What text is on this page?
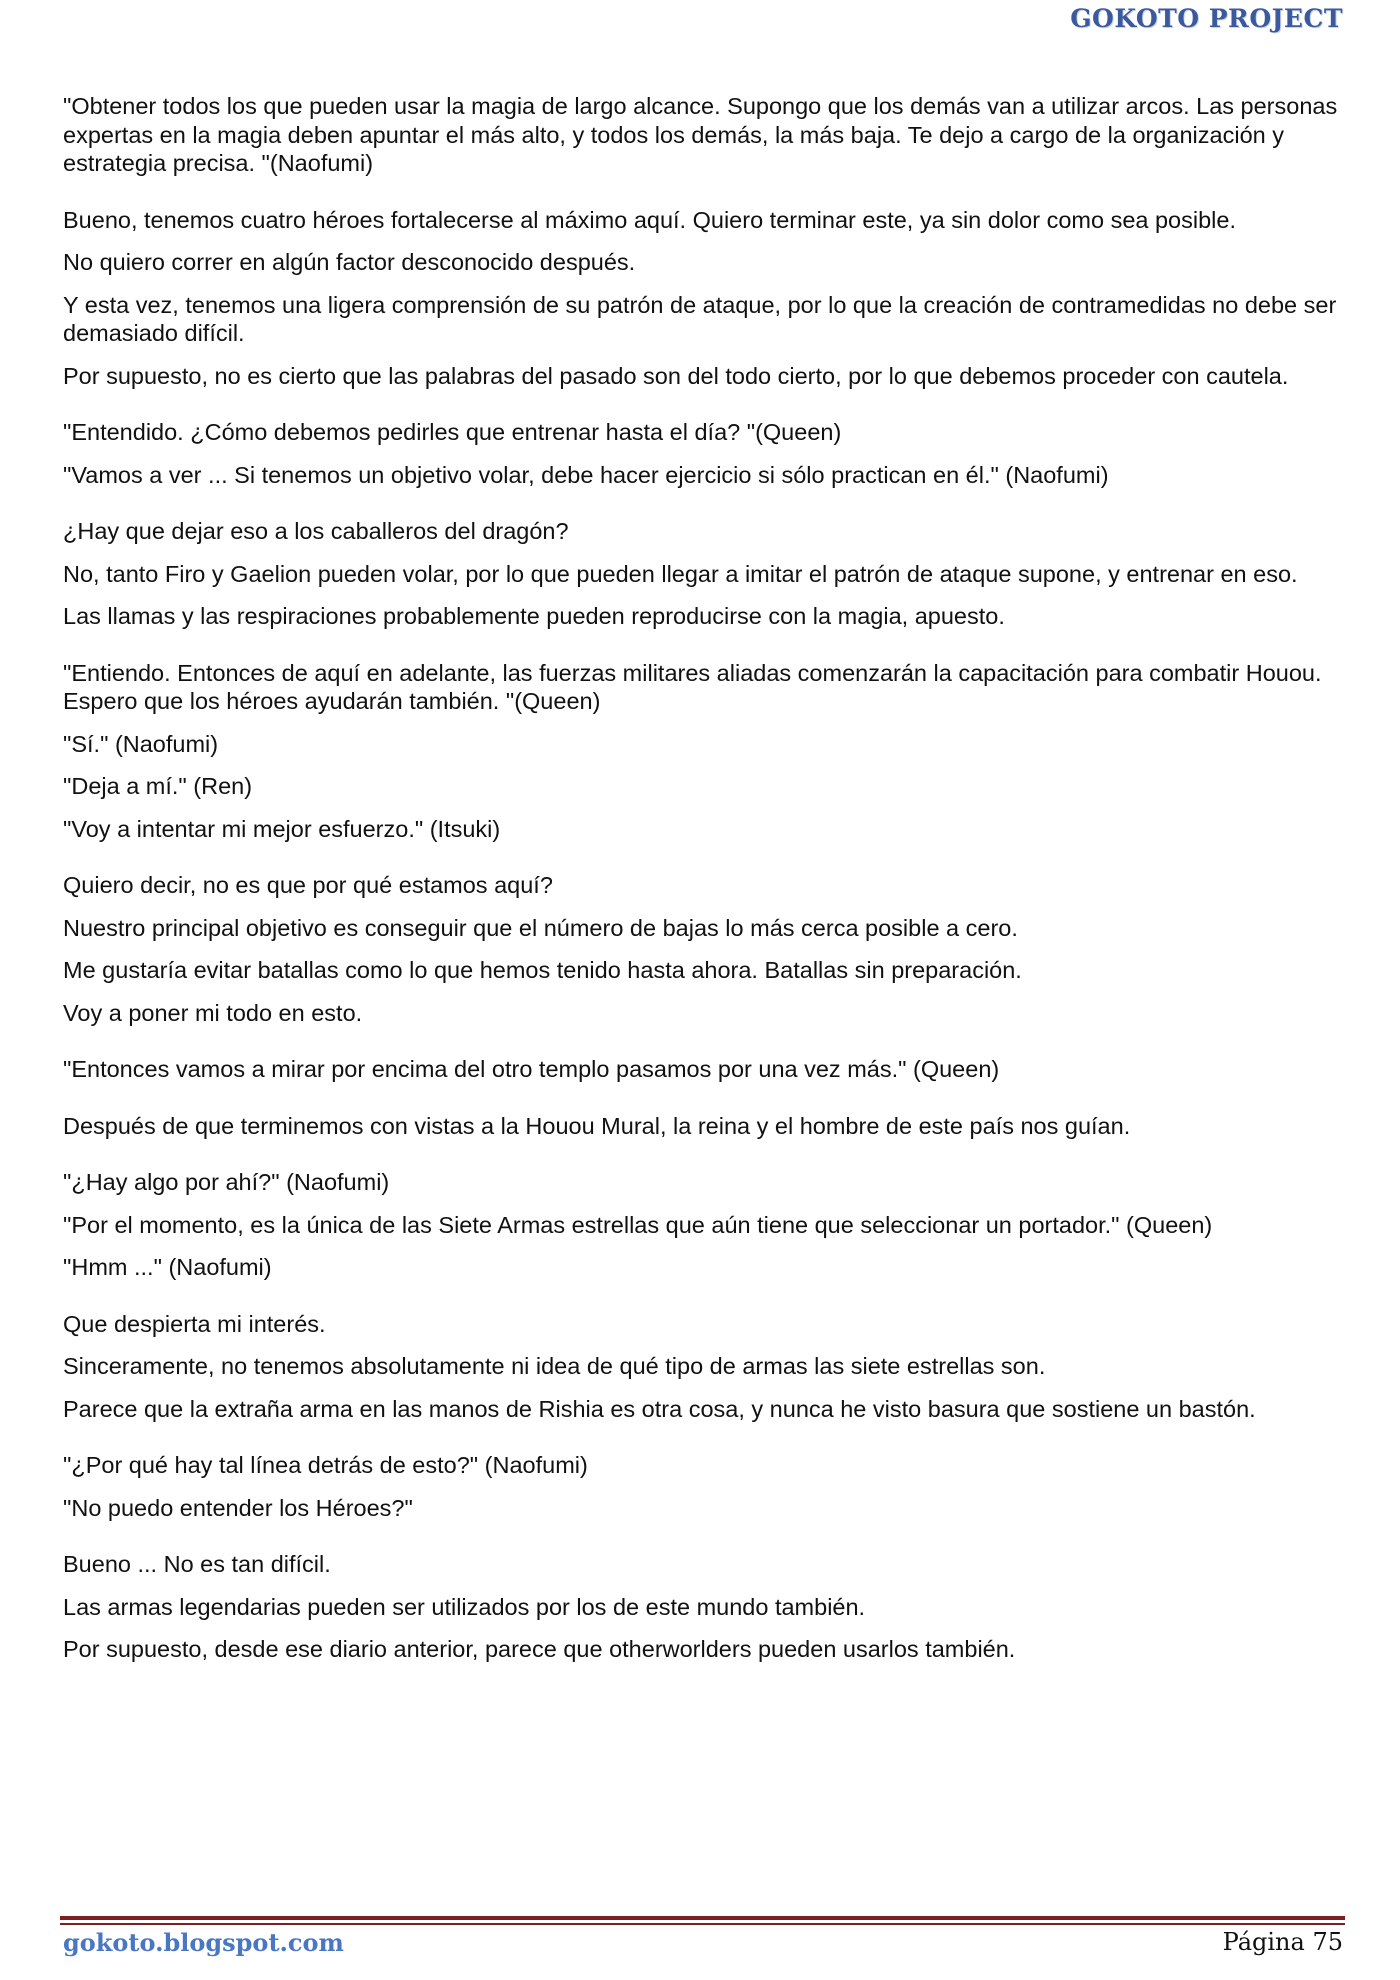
GOKOTO PROJECT

"Obtener todos los que pueden usar la magia de largo alcance. Supongo que los demás van a utilizar arcos. Las personas expertas en la magia deben apuntar el más alto, y todos los demás, la más baja. Te dejo a cargo de la organización y estrategia precisa. "(Naofumi)

Bueno, tenemos cuatro héroes fortalecerse al máximo aquí. Quiero terminar este, ya sin dolor como sea posible.

No quiero correr en algún factor desconocido después.

Y esta vez, tenemos una ligera comprensión de su patrón de ataque, por lo que la creación de contramedidas no debe ser demasiado difícil.

Por supuesto, no es cierto que las palabras del pasado son del todo cierto, por lo que debemos proceder con cautela.

"Entendido. ¿Cómo debemos pedirles que entrenar hasta el día? "(Queen)

"Vamos a ver ... Si tenemos un objetivo volar, debe hacer ejercicio si sólo practican en él." (Naofumi)

¿Hay que dejar eso a los caballeros del dragón?

No, tanto Firo y Gaelion pueden volar, por lo que pueden llegar a imitar el patrón de ataque supone, y entrenar en eso.

Las llamas y las respiraciones probablemente pueden reproducirse con la magia, apuesto.

"Entiendo. Entonces de aquí en adelante, las fuerzas militares aliadas comenzarán la capacitación para combatir Houou. Espero que los héroes ayudarán también. "(Queen)

"Sí." (Naofumi)

"Deja a mí." (Ren)

"Voy a intentar mi mejor esfuerzo." (Itsuki)

Quiero decir, no es que por qué estamos aquí?

Nuestro principal objetivo es conseguir que el número de bajas lo más cerca posible a cero.

Me gustaría evitar batallas como lo que hemos tenido hasta ahora. Batallas sin preparación.

Voy a poner mi todo en esto.

"Entonces vamos a mirar por encima del otro templo pasamos por una vez más." (Queen)

Después de que terminemos con vistas a la Houou Mural, la reina y el hombre de este país nos guían.

"¿Hay algo por ahí?" (Naofumi)

"Por el momento, es la única de las Siete Armas estrellas que aún tiene que seleccionar un portador." (Queen)

"Hmm ..." (Naofumi)

Que despierta mi interés.

Sinceramente, no tenemos absolutamente ni idea de qué tipo de armas las siete estrellas son.

Parece que la extraña arma en las manos de Rishia es otra cosa, y nunca he visto basura que sostiene un bastón.

"¿Por qué hay tal línea detrás de esto?" (Naofumi)

"No puedo entender los Héroes?"

Bueno ... No es tan difícil.

Las armas legendarias pueden ser utilizados por los de este mundo también.

Por supuesto, desde ese diario anterior, parece que otherworlders pueden usarlos también.

gokoto.blogspot.com	Página 75
